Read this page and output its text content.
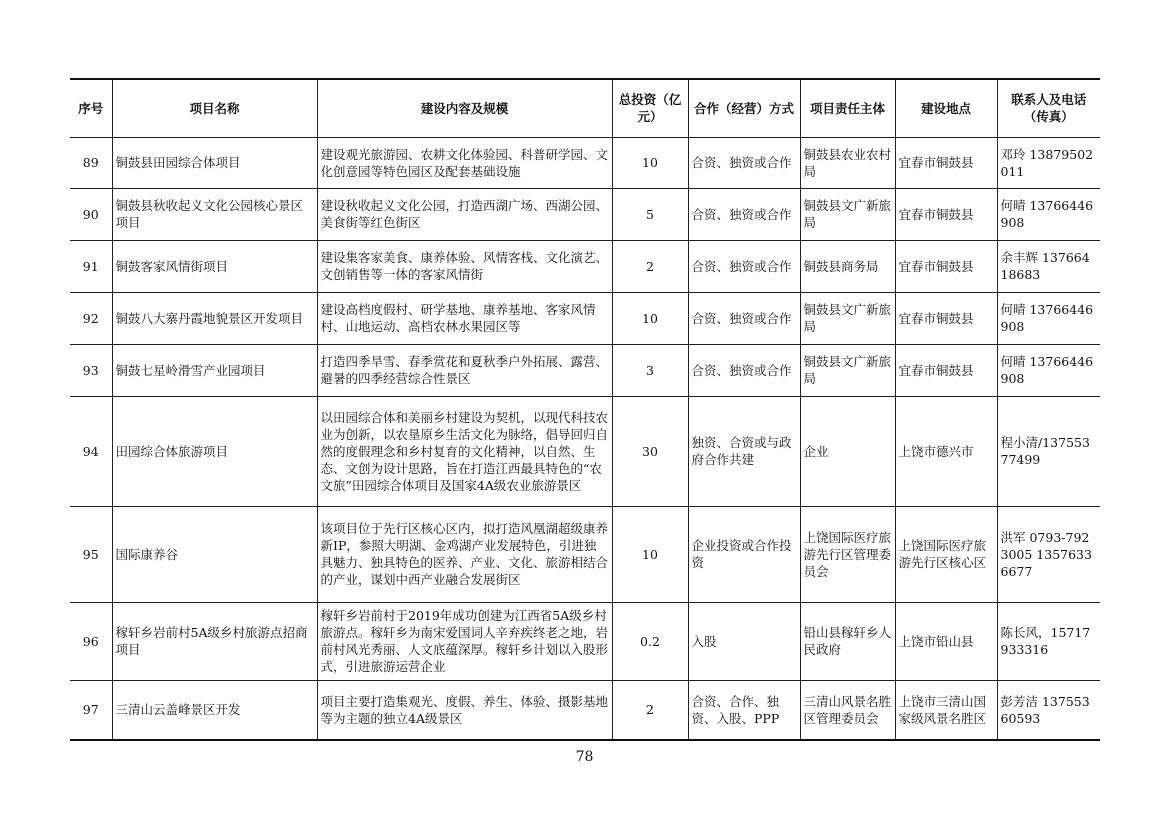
序号	项目名称	建设内容及规模	总投资（亿元）	合作（经营）方式	项目责任主体	建设地点	联系人及电话（传真）
89	铜鼓县田园综合体项目	建设观光旅游园、农耕文化体验园、科普研学园、文化创意园等特色园区及配套基础设施	10	合资、独资或合作	铜鼓县农业农村局	宜春市铜鼓县	邓玲 13879502011
90	铜鼓县秋收起义文化公园核心景区项目	建设秋收起义文化公园，打造西湖广场、西湖公园、美食街等红色街区	5	合资、独资或合作	铜鼓县文广新旅局	宜春市铜鼓县	何晴 13766446908
91	铜鼓客家风情街项目	建设集客家美食、康养体验、风情客栈、文化演艺、文创销售等一体的客家风情街	2	合资、独资或合作	铜鼓县商务局	宜春市铜鼓县	余丰辉 13766418683
92	铜鼓八大寨丹霞地貌景区开发项目	建设高档度假村、研学基地、康养基地、客家风情村、山地运动、高档农林水果园区等	10	合资、独资或合作	铜鼓县文广新旅局	宜春市铜鼓县	何晴 13766446908
93	铜鼓七星岭滑雪产业园项目	打造四季旱雪、春季赏花和夏秋季户外拓展、露营、避暑的四季经营综合性景区	3	合资、独资或合作	铜鼓县文广新旅局	宜春市铜鼓县	何晴 13766446908
94	田园综合体旅游项目	以田园综合体和美丽乡村建设为契机，以现代科技农业为创新，以农垦原乡生活文化为脉络，倡导回归自然的度假理念和乡村复育的文化精神，以自然、生态、文创为设计思路，旨在打造江西最具特色的“农文旅”田园综合体项目及国家4A级农业旅游景区	30	独资、合资或与政府合作共建	企业	上饶市德兴市	程小清/13755377499
95	国际康养谷	该项目位于先行区核心区内，拟打造风凰湖超级康养新IP，参照大明湖、金鸡湖产业发展特色，引进独具魅力、独具特色的医养、产业、文化、旅游相结合的产业，谋划中西产业融合发展街区	10	企业投资或合作投资	上饶国际医疗旅游先行区管理委员会	上饶国际医疗旅游先行区核心区	洪军 0793-7923005 13576336677
96	稼轩乡岩前村5A级乡村旅游点招商项目	稼轩乡岩前村于2019年成功创建为江西省5A级乡村旅游点。稼轩乡为南宋爱国词人辛弃疾终老之地，岩前村风光秀丽、人文底蕴深厚。稼轩乡计划以入股形式，引进旅游运营企业	0.2	入股	铅山县稼轩乡人民政府	上饶市铅山县	陈长风，15717933316
97	三清山云盖峰景区开发	项目主要打造集观光、度假、养生、体验、摄影基地等为主题的独立4A级景区	2	合资、合作、独资、入股、PPP	三清山风景名胜区管理委员会	上饶市三清山国家级风景名胜区	彭芳洁 13755360593
78
